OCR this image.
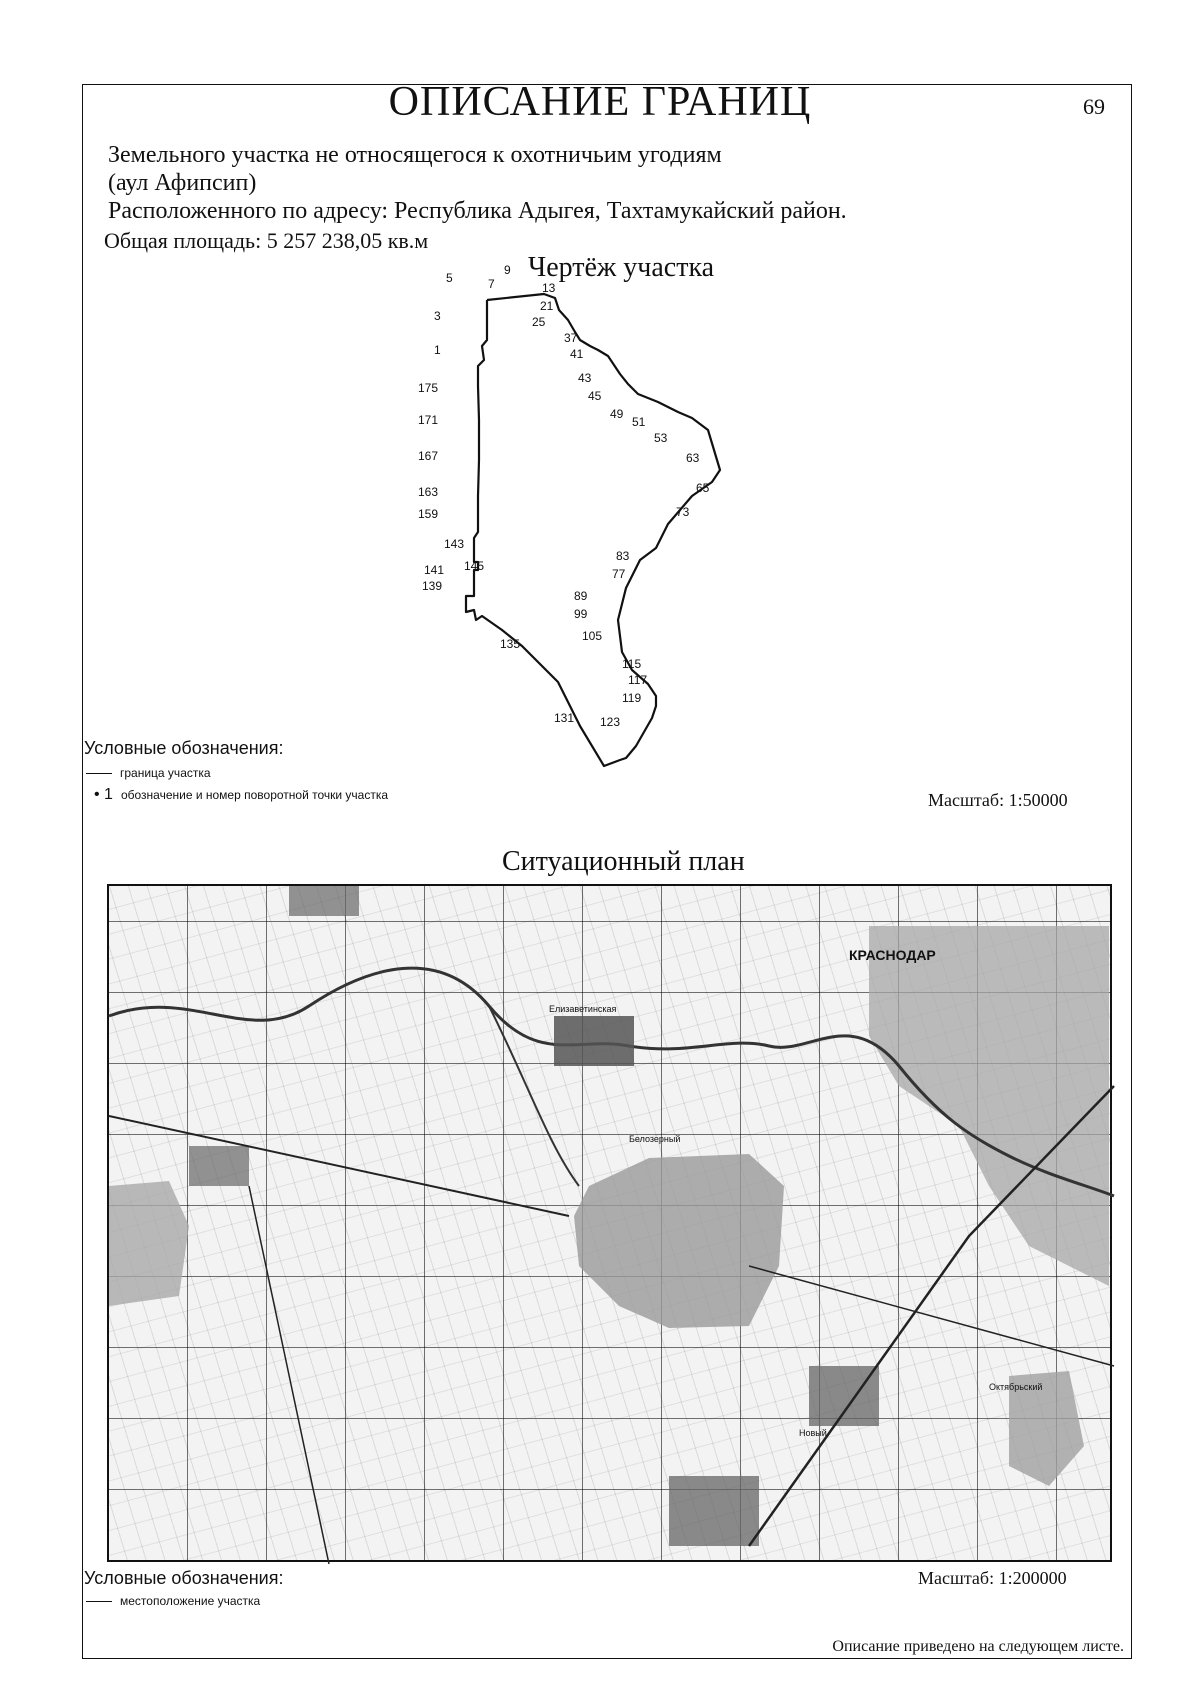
ОПИСАНИЕ ГРАНИЦ	69
Земельного участка не относящегося к охотничьим угодиям
(аул Афипсип)
Расположенного по адресу: Республика Адыгея, Тахтамукайский район.
Общая площадь: 5 257 238,05 кв.м
Чертёж участка
1
3
5	7
9
13
21
25
37
41
43
45
49
51
53
63
65
73
77
83
89
99
105
115
117
119
123
131
135
139
141
143
145
159
163
167
171
175
Условные обозначения:
граница участка
• 1 обозначение и номер поворотной точки участка	Масштаб: 1:50000
Ситуационный план
КРАСНОДАР
Елизаветинская
Белозерный
Октябрьский
Новый
Условные обозначения:
местоположение участка
Масштаб: 1:200000
Описание приведено на следующем листе.
